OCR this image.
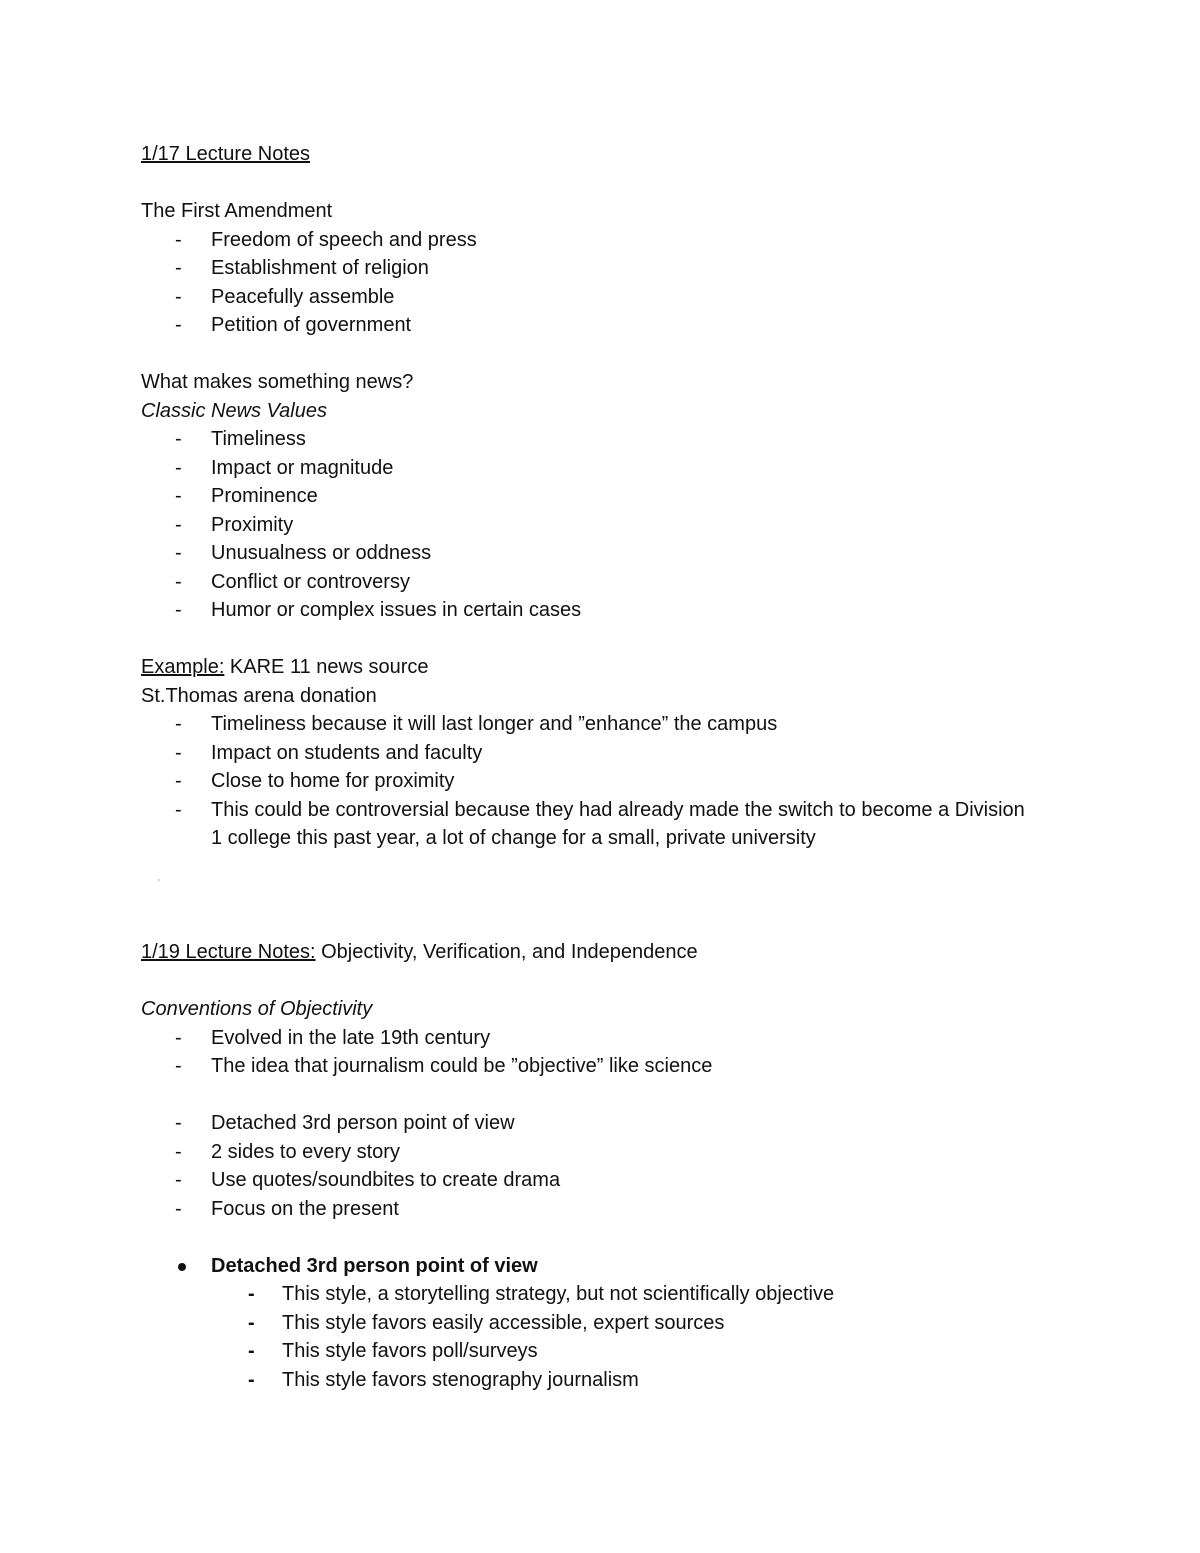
1/17 Lecture Notes
The First Amendment
- Freedom of speech and press
- Establishment of religion
- Peacefully assemble
- Petition of government
What makes something news?
Classic News Values
- Timeliness
- Impact or magnitude
- Prominence
- Proximity
- Unusualness or oddness
- Conflict or controversy
- Humor or complex issues in certain cases
Example: KARE 11 news source
St.Thomas arena donation
- Timeliness because it will last longer and ”enhance” the campus
- Impact on students and faculty
- Close to home for proximity
- This could be controversial because they had already made the switch to become a Division 1 college this past year, a lot of change for a small, private university
'
1/19 Lecture Notes: Objectivity, Verification, and Independence
Conventions of Objectivity
- Evolved in the late 19th century
- The idea that journalism could be ”objective” like science
- Detached 3rd person point of view
- 2 sides to every story
- Use quotes/soundbites to create drama
- Focus on the present
Detached 3rd person point of view
- This style, a storytelling strategy, but not scientifically objective
- This style favors easily accessible, expert sources
- This style favors poll/surveys
- This style favors stenography journalism
